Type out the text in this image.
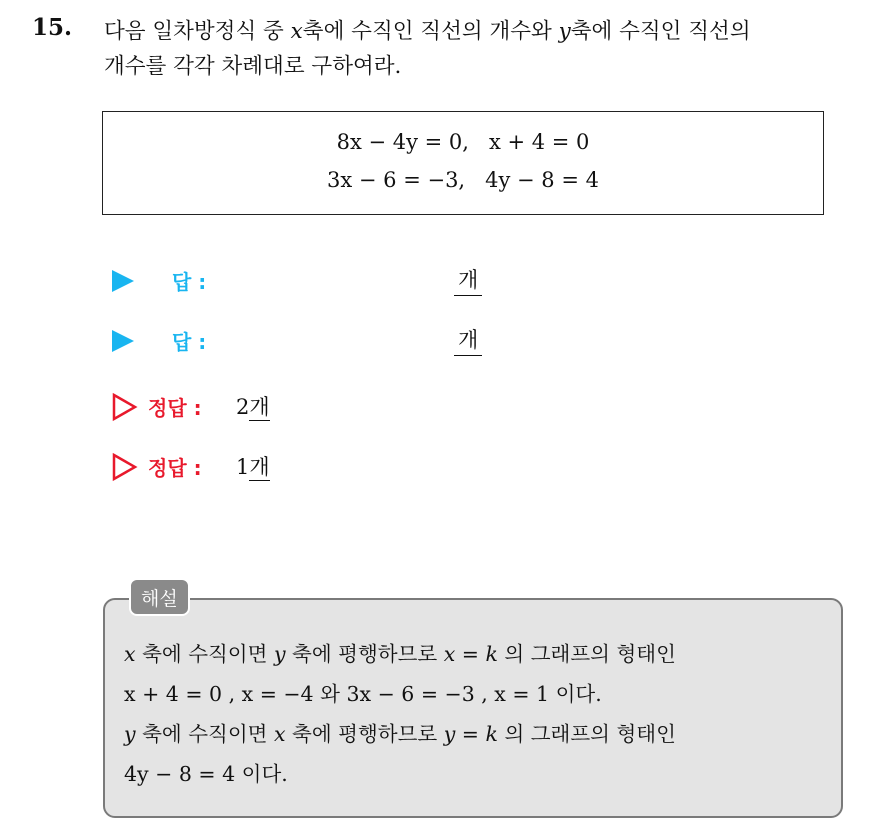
15. 다음 일차방정식 중 x축에 수직인 직선의 개수와 y축에 수직인 직선의
개수를 각각 차례대로 구하여라.
8x − 4y = 0,   x + 4 = 0
3x − 6 = −3,   4y − 8 = 4
답 :	개
답 :	개
정답 : 2개
정답 : 1개
해설
x 축에 수직이면 y 축에 평행하므로 x = k 의 그래프의 형태인
x + 4 = 0 , x = −4 와 3x − 6 = −3 , x = 1 이다.
y 축에 수직이면 x 축에 평행하므로 y = k 의 그래프의 형태인
4y − 8 = 4 이다.
